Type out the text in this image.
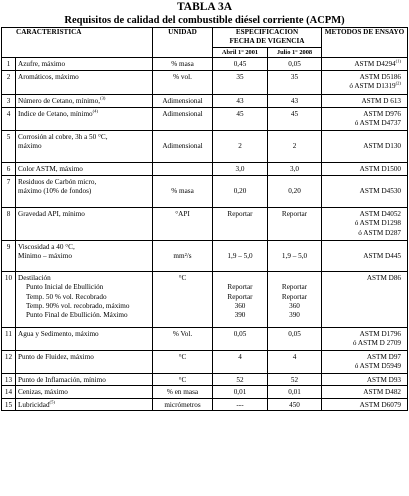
TABLA 3A
Requisitos de calidad del combustible diésel corriente (ACPM)
CARACTERISTICA		UNIDAD	ESPECIFICACION
FECHA DE VIGENCIA		METODOS DE ENSAYO
			Abril 1° 2001	Julio 1° 2008	
1	Azufre, máximo	% masa	0,45	0,05	ASTM D4294$^{(1)}$

2	Aromáticos, máximo	% vol.	35	35	ASTM D5186
ó ASTM D1319$^{(2)}$

3	Número de Cetano, mínimo,$^{(3)}$	Adimensional	43	43	ASTM D 613

4	Indice de Cetano, mínimo$^{(4)}$	Adimensional	45	45	ASTM D976
ó ASTM D4737

5	Corrosión al cobre, 3h a 50 °C,
máximo	Adimensional	2	2	ASTM D130

6	Color ASTM, máximo		3,0	3,0	ASTM D1500

7	Residuos de Carbón micro,
máximo (10% de fondos)	% masa	0,20	0,20	ASTM D4530

8	Gravedad API, mínimo	°API	Reportar	Reportar	ASTM D4052
ó ASTM D1298
ó ASTM D287

9	Viscosidad a 40 °C,
Mínimo – máximo	mm²/s	1,9 – 5,0	1,9 – 5,0	ASTM D445

10	Destilación
Punto Inicial de Ebullición
Temp. 50 % vol. Recobrado
Temp. 90% vol. recobrado, máximo
Punto Final de Ebullición. Máximo	°C	Reportar
Reportar
360
390	Reportar
Reportar
360
390	ASTM D86

11	Agua y Sedimento, máximo	% Vol.	0,05	0,05	ASTM D1796
ó ASTM D 2709

12	Punto de Fluidez, máximo	°C	4	4	ASTM D97
ó ASTM D5949

13	Punto de Inflamación, mínimo	°C	52	52	ASTM D93

14	Cenizas, máximo	% en masa	0,01	0,01	ASTM D482

15	Lubricidad$^{(5)}$	micrómetros	---	450	ASTM D6079
